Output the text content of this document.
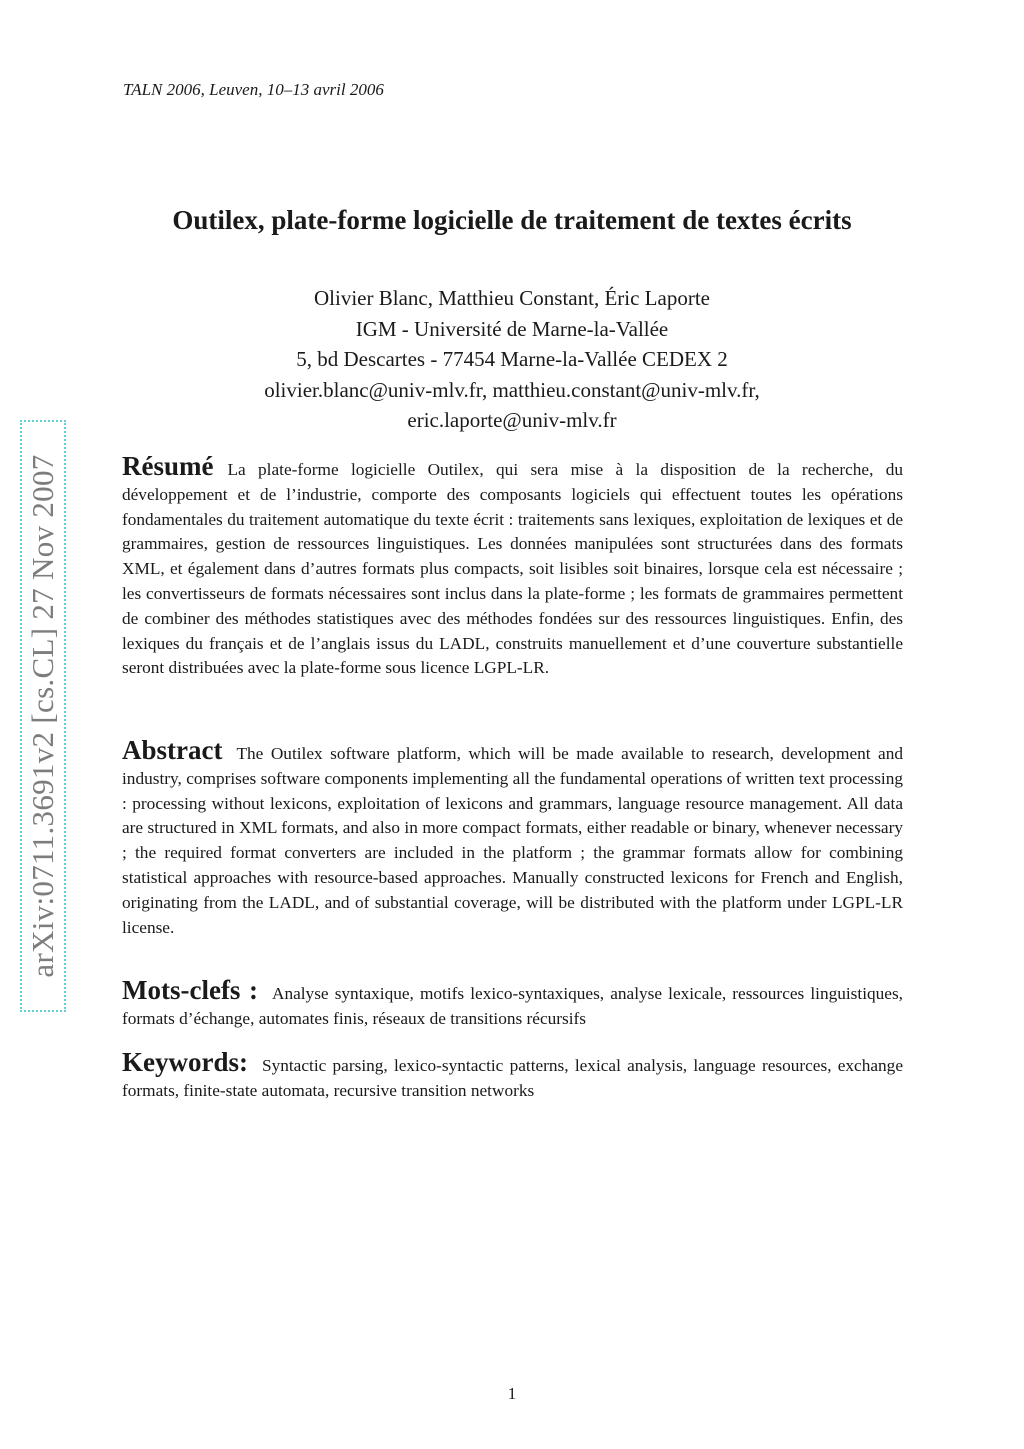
TALN 2006, Leuven, 10–13 avril 2006

Outilex, plate-forme logicielle de traitement de textes écrits
Olivier Blanc, Matthieu Constant, Éric Laporte
IGM - Université de Marne-la-Vallée
5, bd Descartes - 77454 Marne-la-Vallée CEDEX 2
olivier.blanc@univ-mlv.fr, matthieu.constant@univ-mlv.fr,
eric.laporte@univ-mlv.fr
arXiv:0711.3691v2 [cs.CL] 27 Nov 2007 Résumé La plate-forme logicielle Outilex, qui sera mise à la disposition de la recherche, du développement et de l’industrie, comporte des composants logiciels qui effectuent toutes les opérations fondamentales du traitement automatique du texte écrit : traitements sans lexiques, exploitation de lexiques et de grammaires, gestion de ressources linguistiques. Les données manipulées sont structurées dans des formats XML, et également dans d’autres formats plus compacts, soit lisibles soit binaires, lorsque cela est nécessaire ; les convertisseurs de formats nécessaires sont inclus dans la plate-forme ; les formats de grammaires permettent de combiner des méthodes statistiques avec des méthodes fondées sur des ressources linguistiques. Enfin, des lexiques du français et de l’anglais issus du LADL, construits manuellement et d’une couverture substantielle seront distribuées avec la plate-forme sous licence LGPL-LR.

Abstract The Outilex software platform, which will be made available to research, development and industry, comprises software components implementing all the fundamental operations of written text processing : processing without lexicons, exploitation of lexicons and grammars, language resource management. All data are structured in XML formats, and also in more compact formats, either readable or binary, whenever necessary ; the required format converters are included in the platform ; the grammar formats allow for combining statistical approaches with resource-based approaches. Manually constructed lexicons for French and English, originating from the LADL, and of substantial coverage, will be distributed with the platform under LGPL-LR license.

Mots-clefs : Analyse syntaxique, motifs lexico-syntaxiques, analyse lexicale, ressources linguistiques, formats d’échange, automates finis, réseaux de transitions récursifs

Keywords: Syntactic parsing, lexico-syntactic patterns, lexical analysis, language resources, exchange formats, finite-state automata, recursive transition networks

1
